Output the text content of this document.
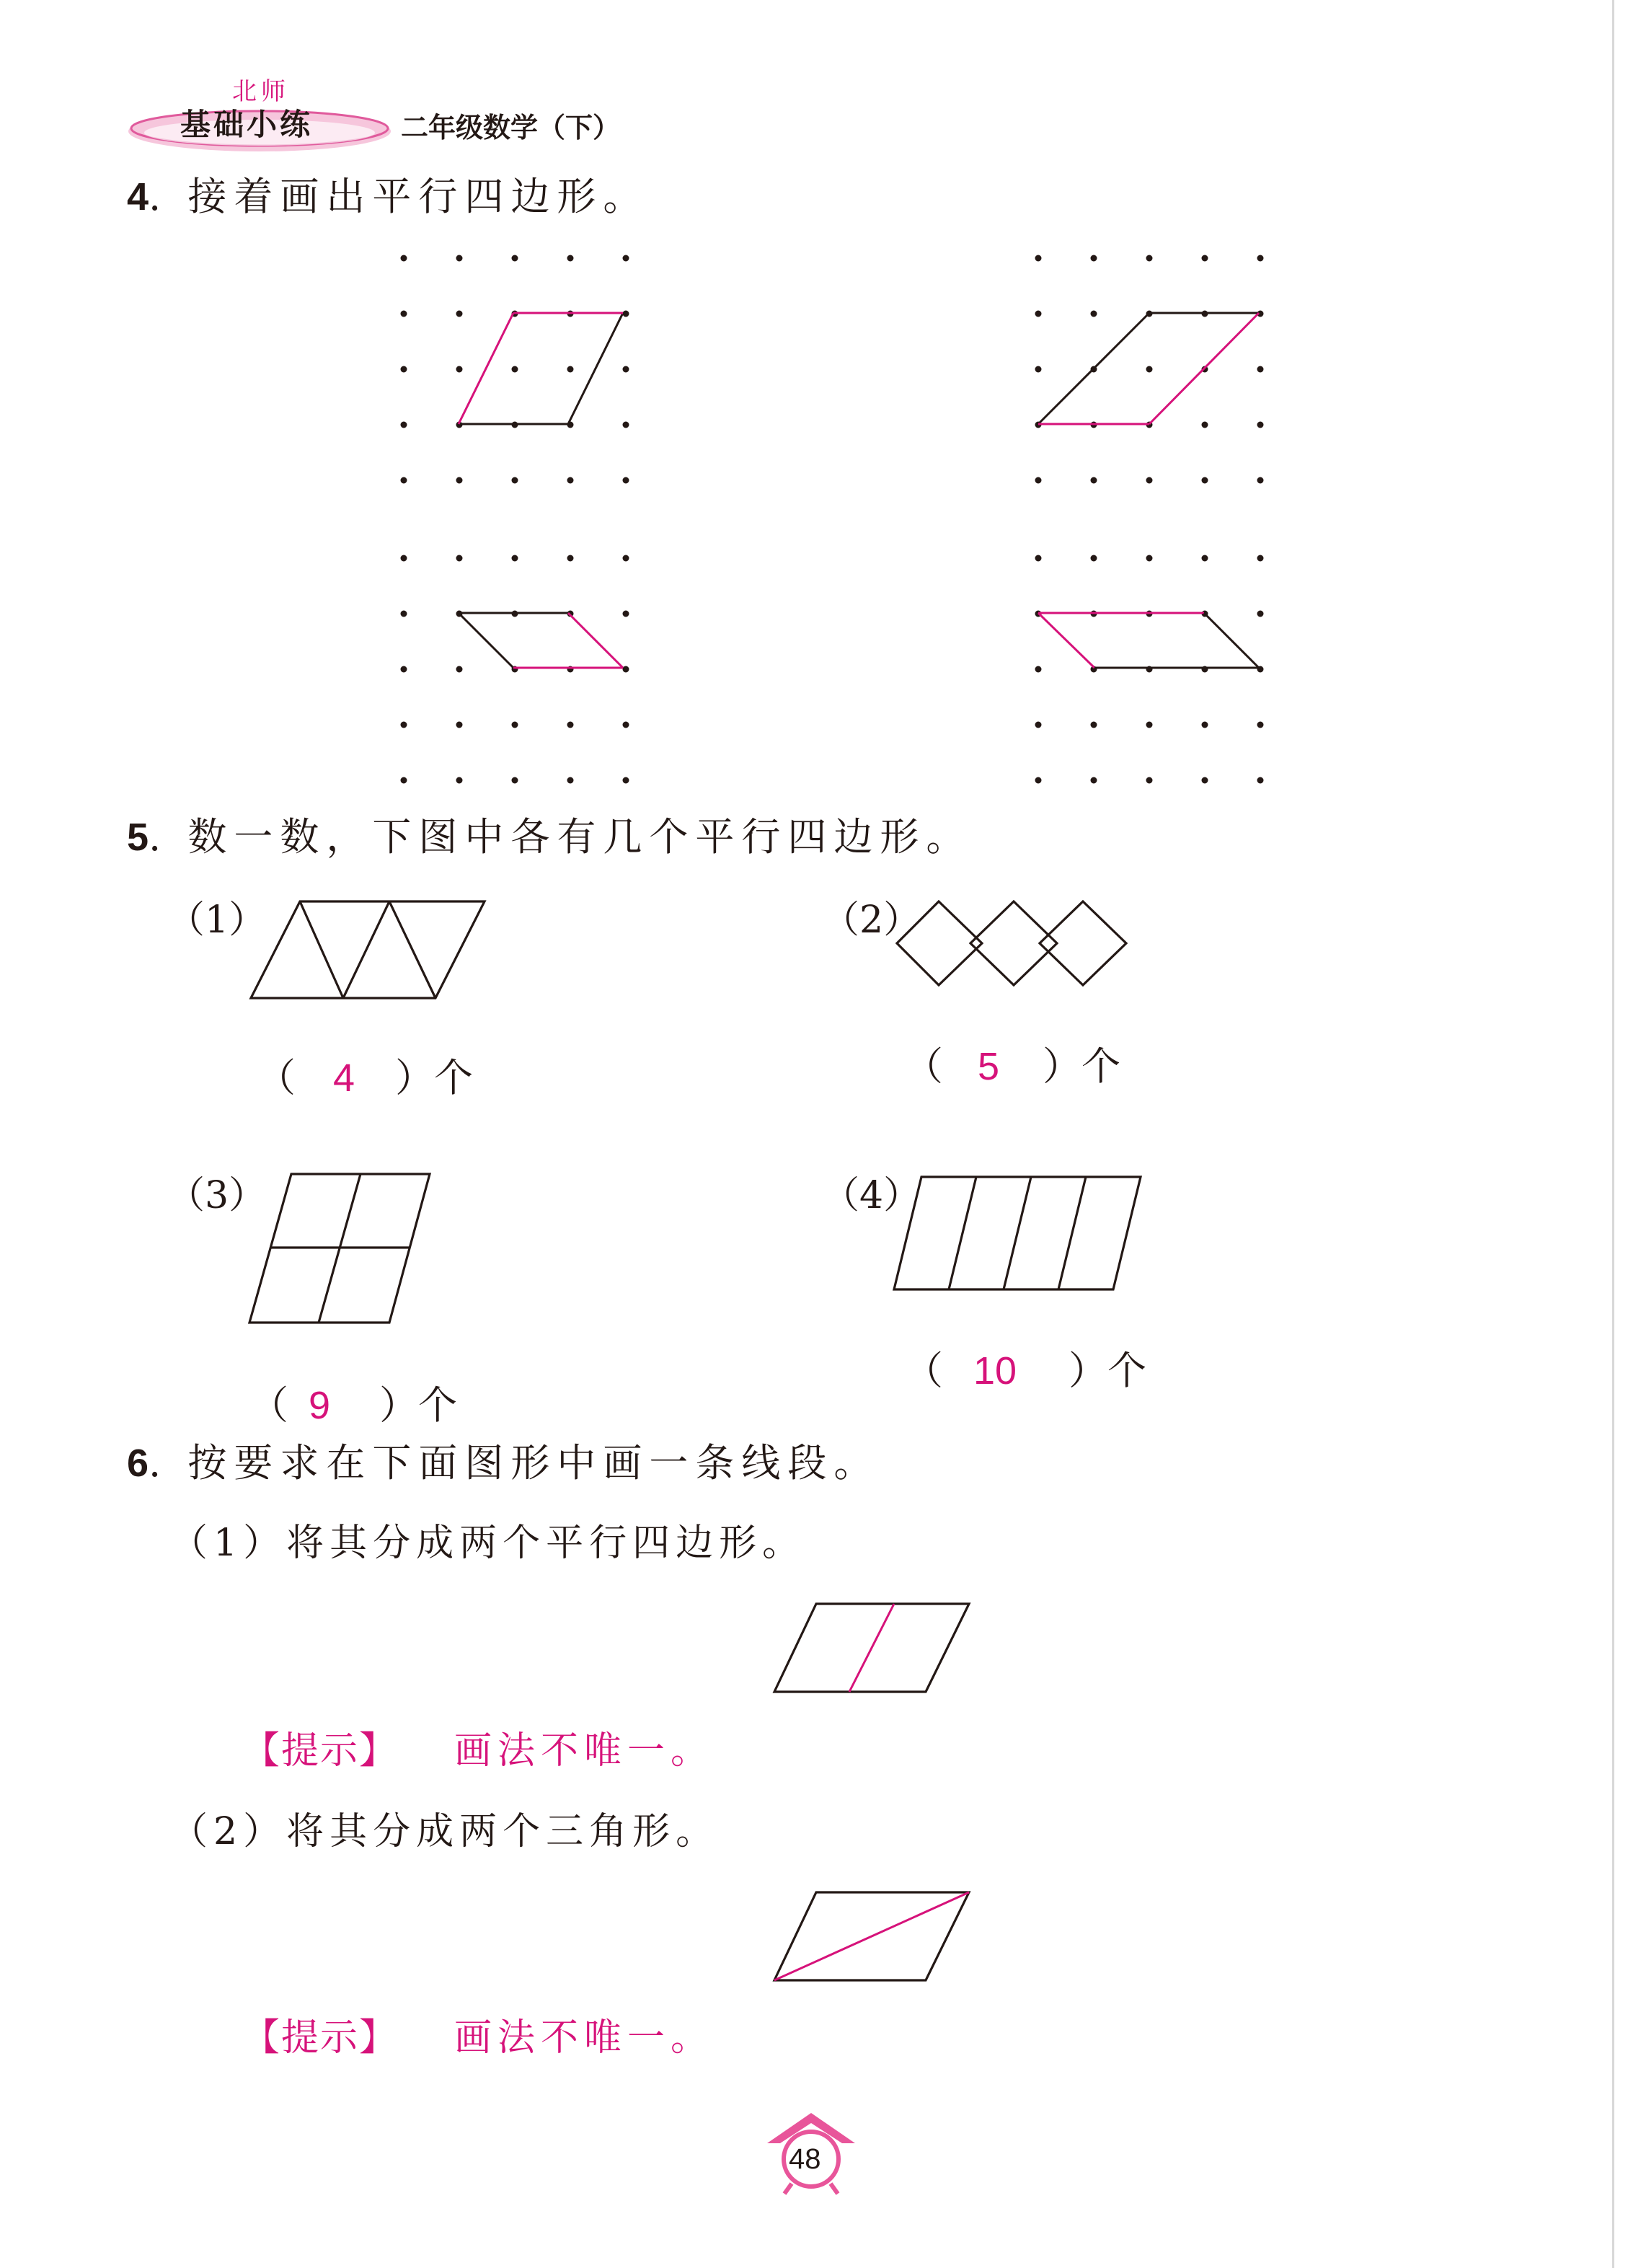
北师
基础小练	二年级数学（下）
4. 接着画出平行四边形。
5. 数一数，下图中各有几个平行四边形。
（1）
（ 4 ）个
（2）
（ 5 ）个
（3）
（ 9 ）个
（4）
（ 10 ）个
6. 按要求在下面图形中画一条线段。
（1）将其分成两个平行四边形。
【提示】 画法不唯一。
（2）将其分成两个三角形。
【提示】 画法不唯一。
48
